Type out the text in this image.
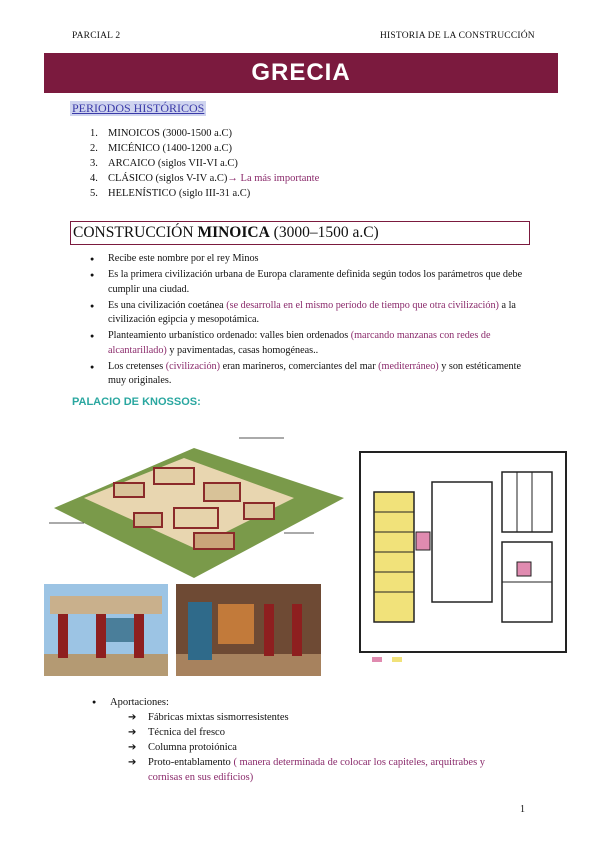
PARCIAL 2	HISTORIA DE LA CONSTRUCCIÓN
GRECIA
PERIODOS HISTÓRICOS
1. MINOICOS (3000-1500 a.C)
2. MICÉNICO (1400-1200 a.C)
3. ARCAICO (siglos VII-VI a.C)
4. CLÁSICO (siglos V-IV a.C) → La más importante
5. HELENÍSTICO (siglo III-31 a.C)
CONSTRUCCIÓN MINOICA (3000–1500 a.C)
● Recibe este nombre por el rey Minos
● Es la primera civilización urbana de Europa claramente definida según todos los parámetros que debe cumplir una ciudad.
● Es una civilización coetánea (se desarrolla en el mismo período de tiempo que otra civilización) a la civilización egipcia y mesopotámica.
● Planteamiento urbanístico ordenado: valles bien ordenados (marcando manzanas con redes de alcantarillado) y pavimentadas, casas homogéneas..
● Los cretenses (civilización) eran marineros, comerciantes del mar (mediterráneo) y son estéticamente muy originales.
PALACIO DE KNOSSOS:
● Aportaciones:
➔ Fábricas mixtas sismorresistentes
➔ Técnica del fresco
➔ Columna protoiónica
➔ Proto-entablamento ( manera determinada de colocar los capiteles, arquitrabes y cornisas en sus edificios)
1
